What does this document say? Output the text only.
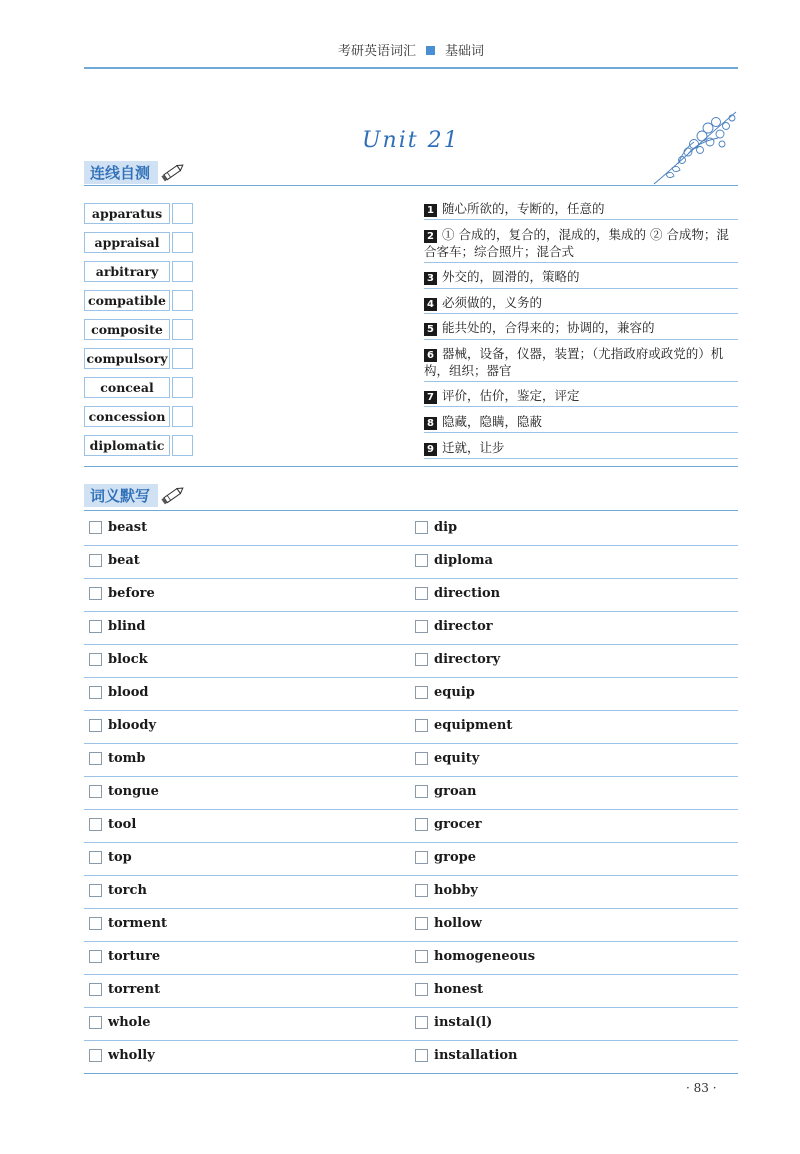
考研英语词汇 基础词
Unit 21
连线自测
apparatus
appraisal
arbitrary
compatible
composite
compulsory
conceal
concession
diplomatic
1 随心所欲的，专断的，任意的
2 ① 合成的，复合的，混成的，集成的 ② 合成物；混合客车；综合照片；混合式
3 外交的，圆滑的，策略的
4 必须做的，义务的
5 能共处的，合得来的；协调的，兼容的
6 器械，设备，仪器，装置；（尤指政府或政党的）机构，组织；器官
7 评价，估价，鉴定，评定
8 隐藏，隐瞒，隐蔽
9 迁就，让步
词义默写
beast	dip
beat	diploma
before	direction
blind	director
block	directory
blood	equip
bloody	equipment
tomb	equity
tongue	groan
tool	grocer
top	grope
torch	hobby
torment	hollow
torture	homogeneous
torrent	honest
whole	instal(l)
wholly	installation
· 83 ·
